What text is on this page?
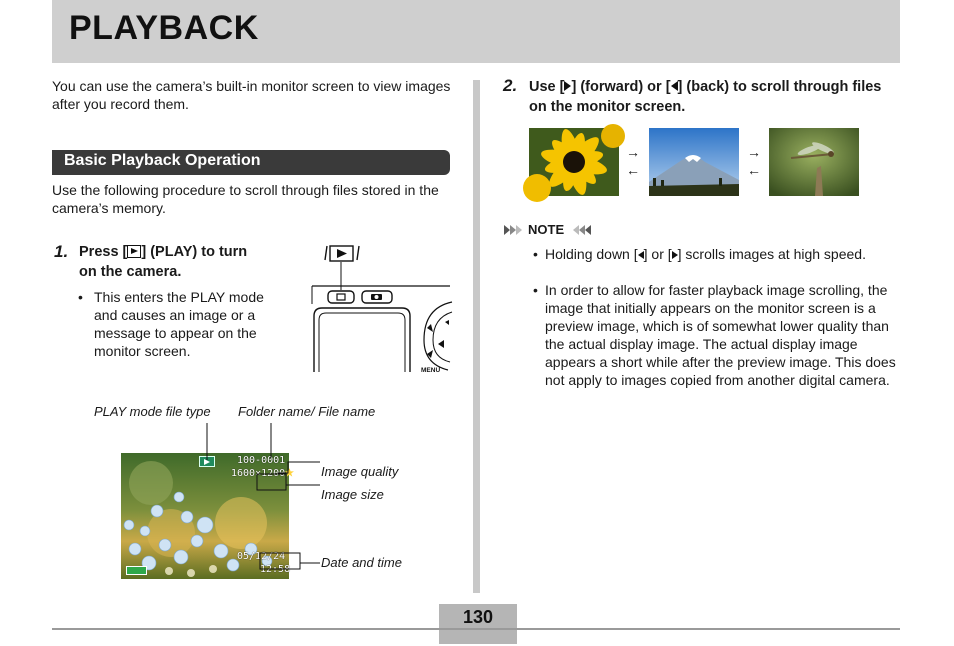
PLAYBACK
You can use the camera’s built-in monitor screen to view images after you record them.
Basic Playback Operation
Use the following procedure to scroll through files stored in the camera’s memory.
1. Press [ ] (PLAY) to turn on the camera.
• This enters the PLAY mode and causes an image or a message to appear on the monitor screen.
MENU
PLAY mode file type Folder name/ File name
Image quality
Image size
Date and time
100-0001
1600×1200 ★
05/12/24
12:58
2. Use [ ] (forward) or [ ] (back) to scroll through files on the monitor screen.
→
←
→
←
NOTE
• Holding down [ ] or [ ] scrolls images at high speed.
• In order to allow for faster playback image scrolling, the image that initially appears on the monitor screen is a preview image, which is of somewhat lower quality than the actual display image. The actual display image appears a short while after the preview image. This does not apply to images copied from another digital camera.
130
